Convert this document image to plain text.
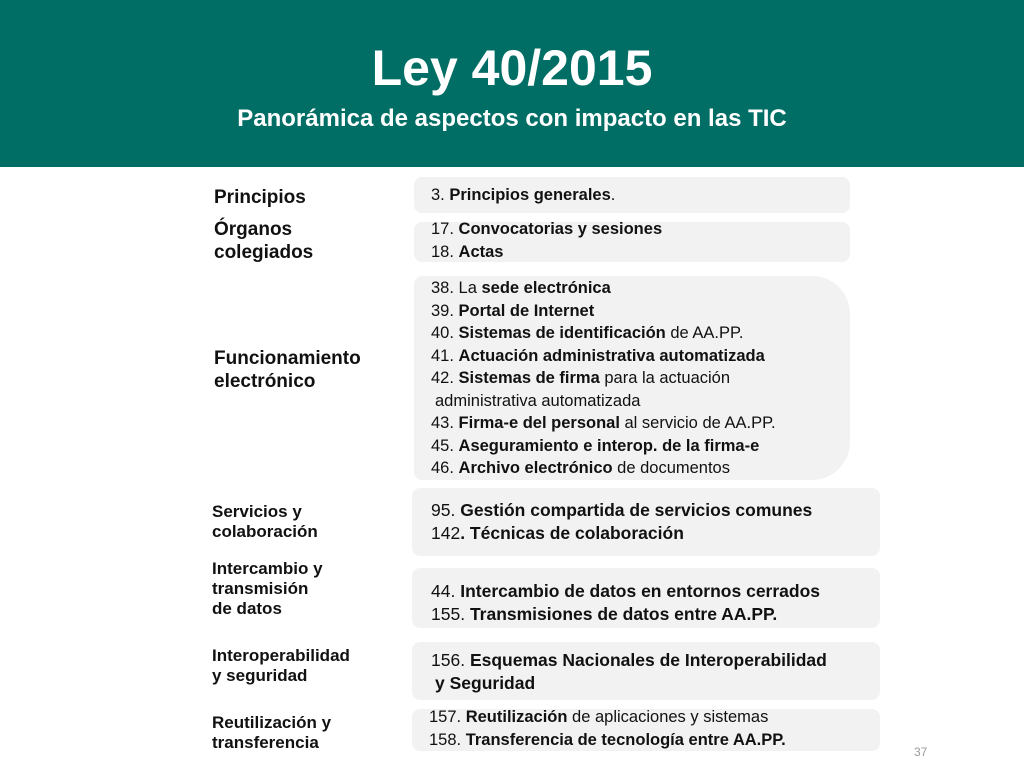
Ley 40/2015
Panorámica de aspectos con impacto en las TIC
Principios	3. Principios generales.
Órganos
colegiados
17. Convocatorias y sesiones
18. Actas
Funcionamiento
electrónico
38. La sede electrónica
39. Portal de Internet
40. Sistemas de identificación de AA.PP.
41. Actuación administrativa automatizada
42. Sistemas de firma para la actuación
administrativa automatizada
43. Firma-e del personal al servicio de AA.PP.
45. Aseguramiento e interop. de la firma-e
46. Archivo electrónico de documentos
Servicios y
colaboración
95. Gestión compartida de servicios comunes
142. Técnicas de colaboración
Intercambio y
transmisión
de datos
44. Intercambio de datos en entornos cerrados
155. Transmisiones de datos entre AA.PP.
Interoperabilidad
y seguridad
156. Esquemas Nacionales de Interoperabilidad
y Seguridad
Reutilización y
transferencia
157. Reutilización de aplicaciones y sistemas
158. Transferencia de tecnología entre AA.PP.
37
